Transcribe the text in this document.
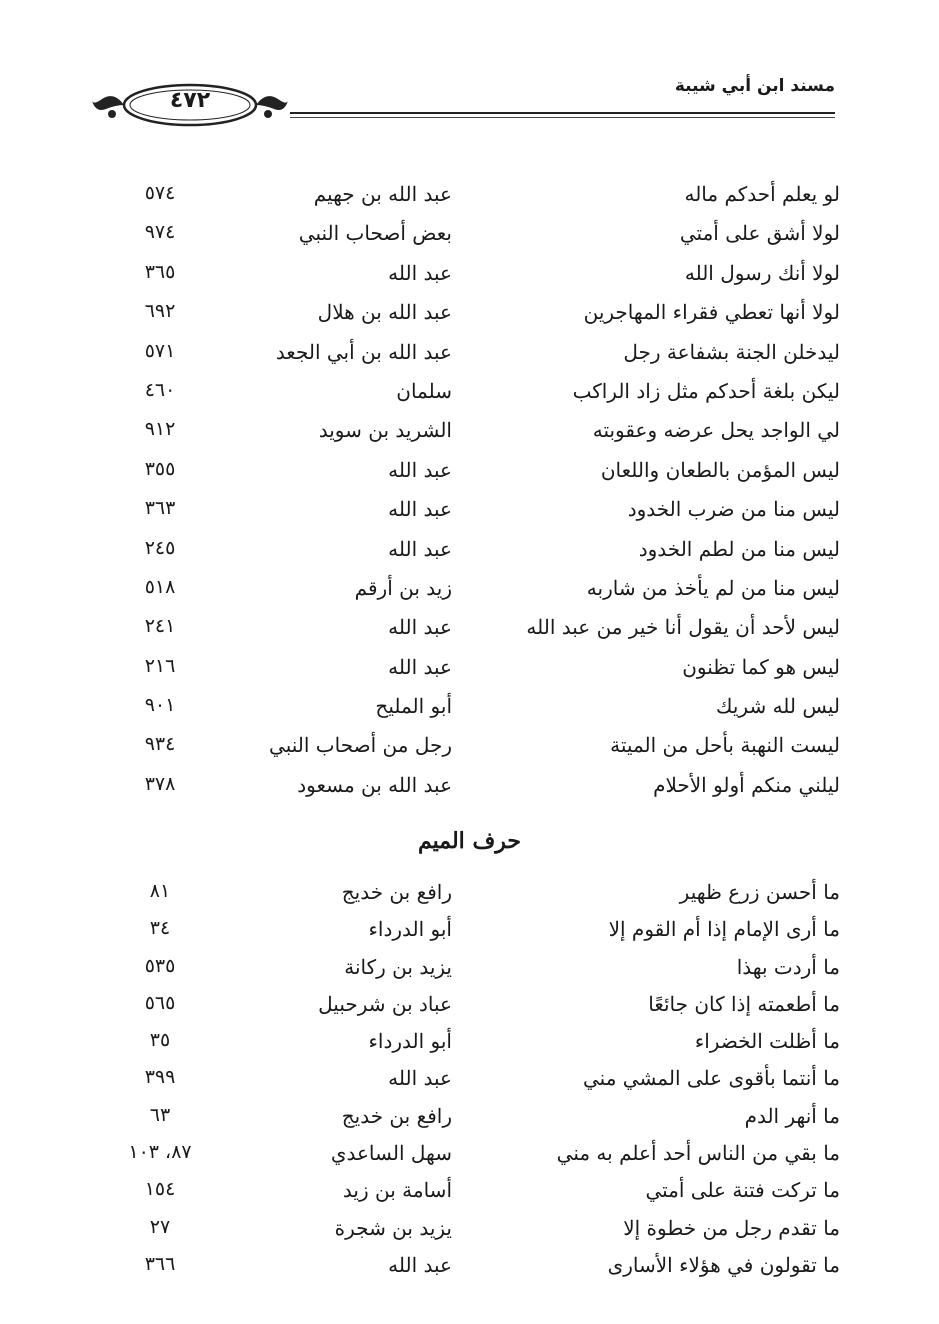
مسند ابن أبي شيبة
٤٧٢
لو يعلم أحدكم ماله
عبد الله بن جهيم
٥٧٤
لولا أشق على أمتي
بعض أصحاب النبي
٩٧٤
لولا أنك رسول الله
عبد الله
٣٦٥
لولا أنها تعطي فقراء المهاجرين
عبد الله بن هلال
٦٩٢
ليدخلن الجنة بشفاعة رجل
عبد الله بن أبي الجعد
٥٧١
ليكن بلغة أحدكم مثل زاد الراكب
سلمان
٤٦٠
لي الواجد يحل عرضه وعقوبته
الشريد بن سويد
٩١٢
ليس المؤمن بالطعان واللعان
عبد الله
٣٥٥
ليس منا من ضرب الخدود
عبد الله
٣٦٣
ليس منا من لطم الخدود
عبد الله
٢٤٥
ليس منا من لم يأخذ من شاربه
زيد بن أرقم
٥١٨
ليس لأحد أن يقول أنا خير من عبد الله
عبد الله
٢٤١
ليس هو كما تظنون
عبد الله
٢١٦
ليس لله شريك
أبو المليح
٩٠١
ليست النهبة بأحل من الميتة
رجل من أصحاب النبي
٩٣٤
ليلني منكم أولو الأحلام
عبد الله بن مسعود
٣٧٨
حرف الميم
ما أحسن زرع ظهير
رافع بن خديج
٨١
ما أرى الإمام إذا أم القوم إلا
أبو الدرداء
٣٤
ما أردت بهذا
يزيد بن ركانة
٥٣٥
ما أطعمته إذا كان جائعًا
عباد بن شرحبيل
٥٦٥
ما أظلت الخضراء
أبو الدرداء
٣٥
ما أنتما بأقوى على المشي مني
عبد الله
٣٩٩
ما أنهر الدم
رافع بن خديج
٦٣
ما بقي من الناس أحد أعلم به مني
سهل الساعدي
٨٧، ١٠٣
ما تركت فتنة على أمتي
أسامة بن زيد
١٥٤
ما تقدم رجل من خطوة إلا
يزيد بن شجرة
٢٧
ما تقولون في هؤلاء الأسارى
عبد الله
٣٦٦
